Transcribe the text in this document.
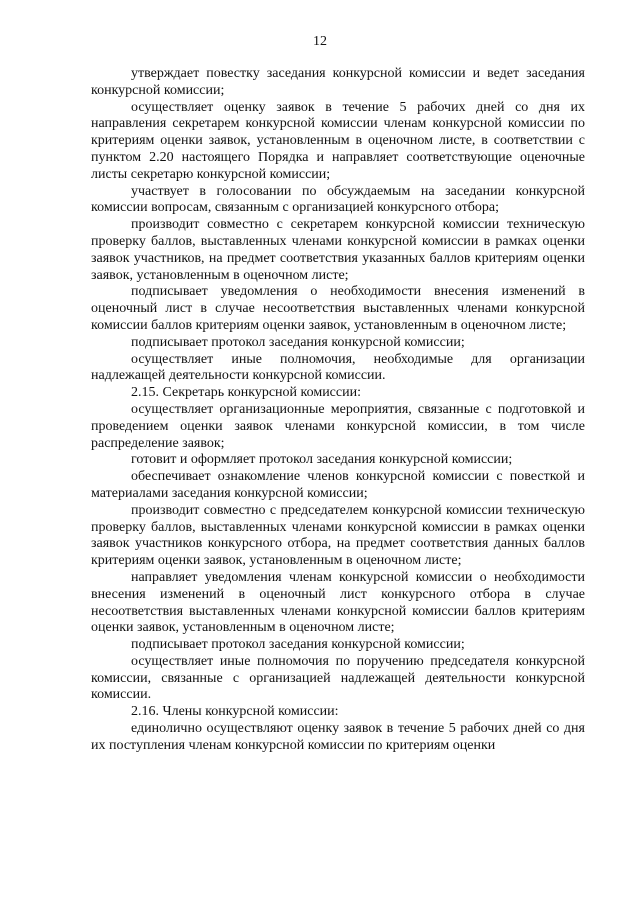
12

утверждает повестку заседания конкурсной комиссии и ведет заседания конкурсной комиссии;

осуществляет оценку заявок в течение 5 рабочих дней со дня их направления секретарем конкурсной комиссии членам конкурсной комиссии по критериям оценки заявок, установленным в оценочном листе, в соответствии с пунктом 2.20 настоящего Порядка и направляет соответствующие оценочные листы секретарю конкурсной комиссии;

участвует в голосовании по обсуждаемым на заседании конкурсной комиссии вопросам, связанным с организацией конкурсного отбора;

производит совместно с секретарем конкурсной комиссии техническую проверку баллов, выставленных членами конкурсной комиссии в рамках оценки заявок участников, на предмет соответствия указанных баллов критериям оценки заявок, установленным в оценочном листе;

подписывает уведомления о необходимости внесения изменений в оценочный лист в случае несоответствия выставленных членами конкурсной комиссии баллов критериям оценки заявок, установленным в оценочном листе;

подписывает протокол заседания конкурсной комиссии;

осуществляет иные полномочия, необходимые для организации надлежащей деятельности конкурсной комиссии.

2.15. Секретарь конкурсной комиссии:

осуществляет организационные мероприятия, связанные с подготовкой и проведением оценки заявок членами конкурсной комиссии, в том числе распределение заявок;

готовит и оформляет протокол заседания конкурсной комиссии;

обеспечивает ознакомление членов конкурсной комиссии с повесткой и материалами заседания конкурсной комиссии;

производит совместно с председателем конкурсной комиссии техническую проверку баллов, выставленных членами конкурсной комиссии в рамках оценки заявок участников конкурсного отбора, на предмет соответствия данных баллов критериям оценки заявок, установленным в оценочном листе;

направляет уведомления членам конкурсной комиссии о необходимости внесения изменений в оценочный лист конкурсного отбора в случае несоответствия выставленных членами конкурсной комиссии баллов критериям оценки заявок, установленным в оценочном листе;

подписывает протокол заседания конкурсной комиссии;

осуществляет иные полномочия по поручению председателя конкурсной комиссии, связанные с организацией надлежащей деятельности конкурсной комиссии.

2.16. Члены конкурсной комиссии:

единолично осуществляют оценку заявок в течение 5 рабочих дней со дня их поступления членам конкурсной комиссии по критериям оценки
